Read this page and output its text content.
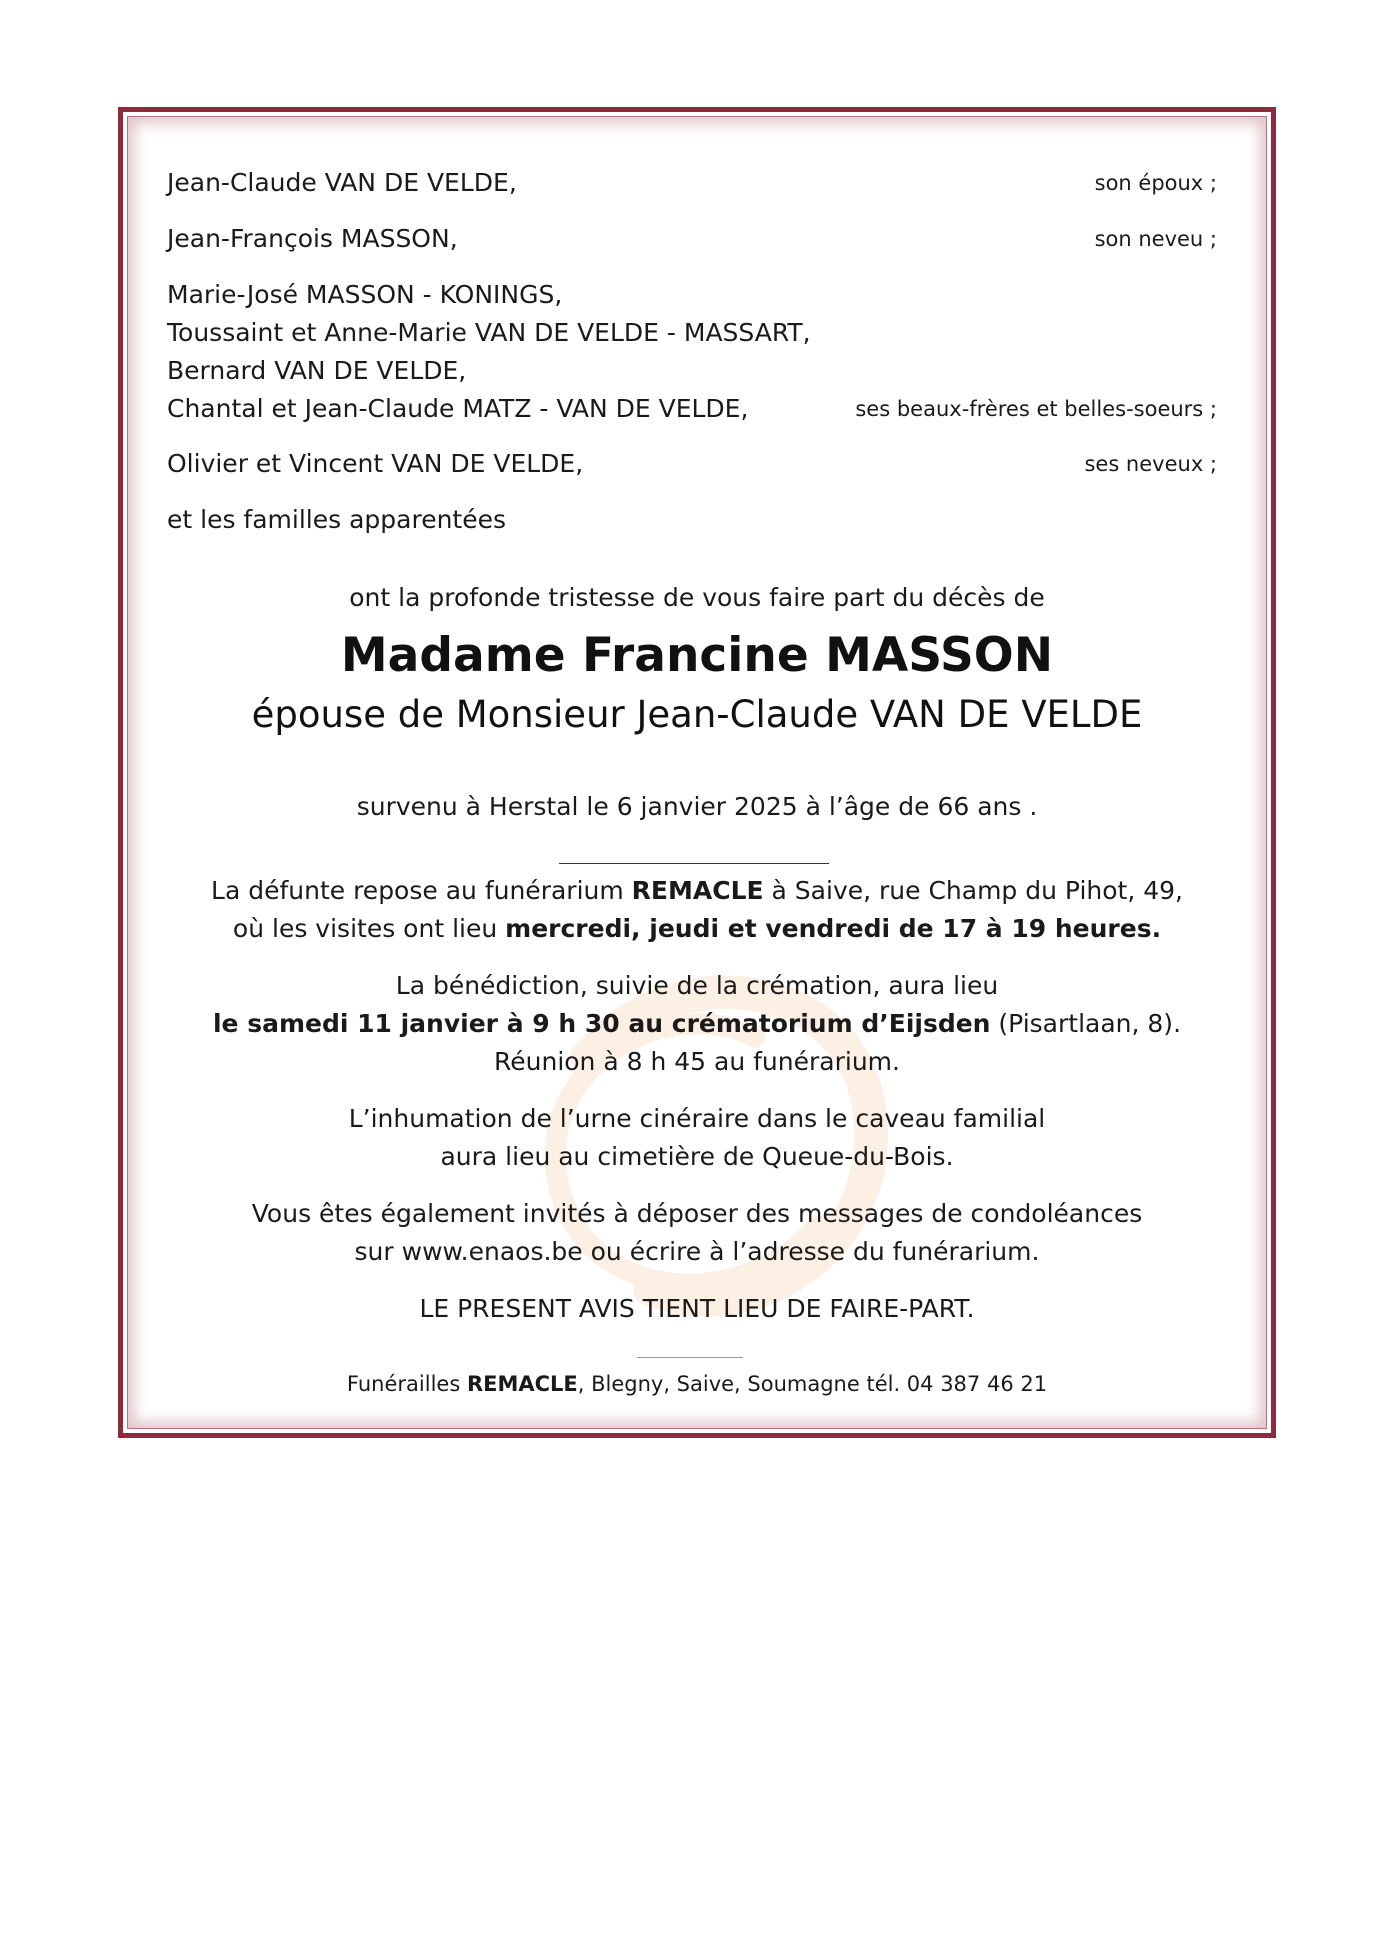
Jean-Claude VAN DE VELDE,	son époux ;
Jean-François MASSON,	son neveu ;
Marie-José MASSON - KONINGS,
Toussaint et Anne-Marie VAN DE VELDE - MASSART,
Bernard VAN DE VELDE,
Chantal et Jean-Claude MATZ - VAN DE VELDE,	ses beaux-frères et belles-soeurs ;
Olivier et Vincent VAN DE VELDE,	ses neveux ;
et les familles apparentées
ont la profonde tristesse de vous faire part du décès de
Madame Francine MASSON
épouse de Monsieur Jean-Claude VAN DE VELDE
survenu à Herstal le 6 janvier 2025 à l’âge de 66 ans .
La défunte repose au funérarium REMACLE à Saive, rue Champ du Pihot, 49,
où les visites ont lieu mercredi, jeudi et vendredi de 17 à 19 heures.
La bénédiction, suivie de la crémation, aura lieu
le samedi 11 janvier à 9 h 30 au crématorium d’Eijsden (Pisartlaan, 8).
Réunion à 8 h 45 au funérarium.
L’inhumation de l’urne cinéraire dans le caveau familial
aura lieu au cimetière de Queue-du-Bois.
Vous êtes également invités à déposer des messages de condoléances
sur www.enaos.be ou écrire à l’adresse du funérarium.
LE PRESENT AVIS TIENT LIEU DE FAIRE-PART.
Funérailles REMACLE, Blegny, Saive, Soumagne tél. 04 387 46 21
